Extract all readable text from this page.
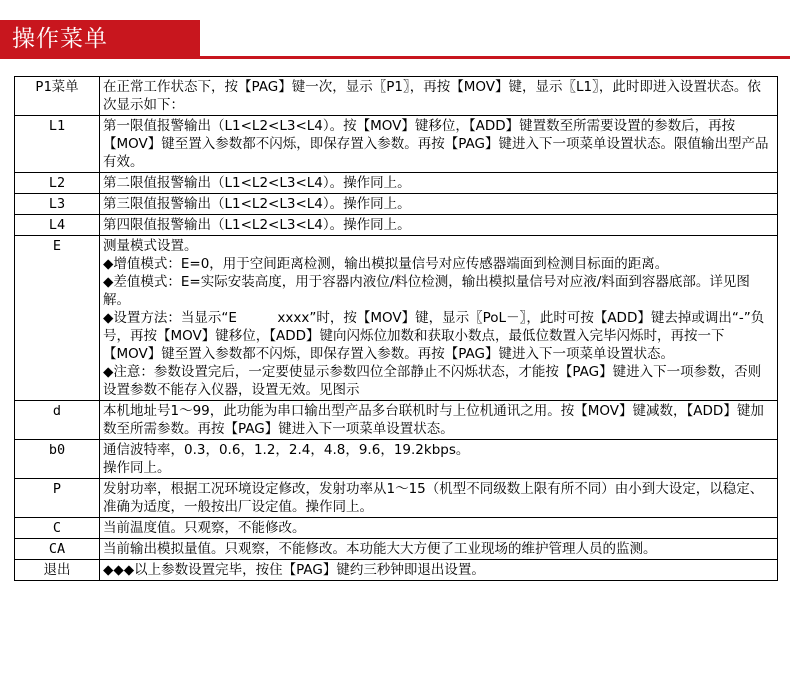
操作菜单
P1菜单	在正常工作状态下，按【PAG】键一次，显示〖P1〗，再按【MOV】键，显示〖L1〗，此时即进入设置状态。依次显示如下：

L1	第一限值报警输出（L1<L2<L3<L4）。按【MOV】键移位，【ADD】键置数至所需要设置的参数后，再按【MOV】键至置入参数都不闪烁，即保存置入参数。再按【PAG】键进入下一项菜单设置状态。限值输出型产品有效。

L2	第二限值报警输出（L1<L2<L3<L4）。操作同上。

L3	第三限值报警输出（L1<L2<L3<L4）。操作同上。

L4	第四限值报警输出（L1<L2<L3<L4）。操作同上。

E	测量模式设置。

◆增值模式：E=0，用于空间距离检测，输出模拟量信号对应传感器端面到检测目标面的距离。

◆差值模式：E=实际安装高度，用于容器内液位/料位检测，输出模拟量信号对应液/料面到容器底部。详见图解。

◆设置方法：当显示“E　　　xxxx”时，按【MOV】键，显示〖PoL－〗，此时可按【ADD】键去掉或调出“-”负号，再按【MOV】键移位，【ADD】键向闪烁位加数和获取小数点，最低位数置入完毕闪烁时，再按一下【MOV】键至置入参数都不闪烁，即保存置入参数。再按【PAG】键进入下一项菜单设置状态。

◆注意：参数设置完后，一定要使显示参数四位全部静止不闪烁状态，才能按【PAG】键进入下一项参数，否则设置参数不能存入仪器，设置无效。见图示

d	本机地址号1～99，此功能为串口输出型产品多台联机时与上位机通讯之用。按【MOV】键减数，【ADD】键加数至所需参数。再按【PAG】键进入下一项菜单设置状态。

b0	通信波特率，0.3，0.6，1.2，2.4，4.8，9.6，19.2kbps。

操作同上。

P	发射功率，根据工况环境设定修改，发射功率从1～15（机型不同级数上限有所不同）由小到大设定，以稳定、准确为适度，一般按出厂设定值。操作同上。

C	当前温度值。只观察，不能修改。

CA	当前输出模拟量值。只观察，不能修改。本功能大大方便了工业现场的维护管理人员的监测。

退出	◆◆◆以上参数设置完毕，按住【PAG】键约三秒钟即退出设置。
